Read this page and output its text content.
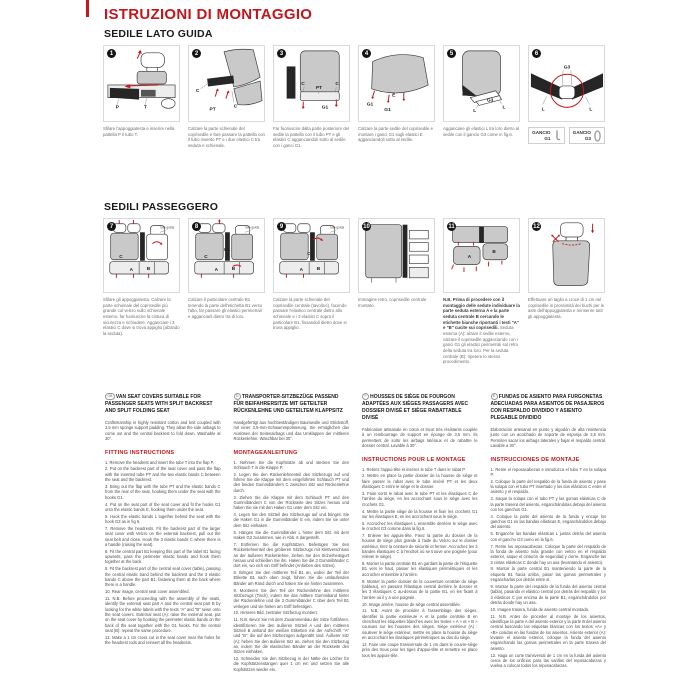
ISTRUZIONI DI MONTAGGIO
SEDILE LATO GUIDA
SEDILI PASSEGGERO
1
P	T
Sfilare l'appoggiatesta e inserire nella pattella P il tubo T.
2
C
PT
C
Calzare la parte schienale del coprisedile e fare passare la pattella con il tubo inserito PT e i due elastici C tra seduta e schienale.
3
C
PT
C
G1
Far fuoriuscire dalla parte posteriore del sedile la pattella con il tubo PT e gli elastici C agganciandoli sotto al sedile con i ganci G1.
4
E
G1
G1
Calzare la parte sedile del coprisedile e montare i ganci G1 sugli elastici E agganciandoli sotto al sedile.
5
G3
L
L
Agganciare gli elastici L tra loro dietro al sedile con il gancio G3 come in fig.6.
6
G3
L	L
GANCIO
G1
GANCIO
G3
7
C
A	B
lato guida
Sfilare gli appoggiatesta. Calzare la parte schienale del coprisedile più grande col velcro sullo schienale esterno, far fuoriuscire la cintura di sicurezza e richiudere. Agganciare i 3 elastici C dove si trova appiglio (alzando la seduta).
8
C
B1
A	B
lato guida
Calzare il particolare centrale B1 tenendo la parte dell'etichetta B1 verso l'alto, far passare gli elastici perimetrali e agganciarli dietro tra di loro.
9
C
A	B
lato guida
Calzare la parte schienale del coprisedile centrale (tavolino), facendo passare l'elastico centrale dietro allo schienale e i 3 elastici C sopra il particolare B1, fissandoli dietro dove si trova appiglio.
10
Immagine retro, coprisedile centrale montato.
11
A
B
N.B. Prima di procedere con il montaggio delle sedute individuare la parte seduta esterna A e la parte seduta centrale B cercando le etichette bianche riportanti i testi "A" e "B" cucite sui coprisedili. Seduta esterna (A): alzare il sedile esterno, calzare il coprisedile agganciando con i ganci G1 gli elastici perimetrali sul retro della seduta tra loro. Per la seduta centrale (B): ripetere lo stesso procedimento.
12
Effettuare un taglio a croce di 1 cm nel coprisedile in prossimità dei buchi per le aste dell'appoggiatesta e reinserire tutti gli appoggiatesta.
GB VAN SEAT COVERS SUITABLE FOR PASSENGER SEATS WITH SPLIT BACKREST AND SPLIT FOLDING SEAT

Craftsmanship in highly resistant cotton and knit coupled with 3.5 mm sponge support padding. They allow the side airbags to come out and the central backrest to fold down. Washable at 30°.

FITTING INSTRUCTIONS

1. Remove the headrest and insert the tube T into the flap P.

2. Put on the backrest part of the seat cover and pass the flap with the inserted tube PT and the two elastic bands C between the seat and the backrest.

3. Bring out the flap with the tube PT and the elastic bands C from the rear of the seat, hooking them under the seat with the hooks G1.

4. Put on the seat part of the seat cover and fit the hooks G1 onto the elastic bands E, hooking them under the seat.

5. Hook the elastic bands L together behind the seat with the hook G3 as in fig 6.

7. Remove the headrests. Fit the backrest part of the larger seat cover with Velcro on the external backrest, pull out the seat belt and close. Hook the 3 elastic bands C where there is a handle (raising the seat).

8. Fit the central part B1 keeping this part of the label B1 facing upwards, pass the perimeter elastic bands and hook them together at the back.

9. Fit the backrest part of the central seat cover (table), passing the central elastic band behind the backrest and the 3 elastic bands C above the part B1, fastening them at the back where there is a handle.

10. Rear image, central seat cover assembled.

11. N.B. Before proceeding with the assembly of the seats, identify the external seat part A and the central seat part B by looking for the white labels with the texts "A" and "B" sewn onto the seat covers. External seat (A): raise the external seat, put on the seat cover by hooking the perimeter elastic bands on the back of the seat together with the G1 hooks. For the central seat (B): repeat the same procedure.

12. Make a 1 cm cross cut in the seat cover near the holes for the headrest rods and reinsert all the headrests.

D TRANSPORTER-SITZBEZÜGE PASSEND FÜR BEIFAHRERSITZE MIT GETEILTER RÜCKENLEHNE UND GETEILTEM KLAPPSITZ

Handgefertigt aus hochbeständigen Baumwolle und Strickstoff, mit einer 3,5-mm-Schwammpolsterung. Sie ermöglichen das Auslösen der Seitenairbags und das Umklappen der mittleren Rückenlehne. Waschbar bei 30°.

MONTAGEANLEITUNG

1. Nehmen Sie die Kopfstütze ab und stecken Sie den Schlauch T in die Klappe P.

2. Legen Sie den Rückenlehnenteil des Sitzbezugs auf und führen Sie die Klappe mit dem eingeführten Schlauch PT und den beiden Gummibändern C zwischen Sitz und Rückenlehne durch.

3. Ziehen Sie die Klappe mit dem Schlauch PT und den Gummibändern C von der Rückseite des Sitzes heraus und haken Sie sie mit den Haken G1 unter dem Sitz ein.

4. Legen Sie den Sitzteil des Sitzbezugs auf und bringen Sie die Haken G1 in die Gummibänder E ein, indem Sie sie unter dem Sitz einhaken.

5. Hängen Sie die Gummibänder L hinter dem Sitz mit dem Haken G3 zusammen, wie in Abb. 6 dargestellt.

7. Entfernen Sie die Kopfstützen. Befestigen Sie den Rückenlehnenteil des größeren Sitzbezugs mit Klettverschluss an der äußeren Rückenlehne, ziehen Sie den Sicherheitsgurt heraus und schließen Sie ihn. Haken Sie die 3 Gummibänder C dort ein, wo sich ein Griff befindet (Anheben des Sitzes).

8. Bringen Sie den mittleren Teil B1 an, wobei der Teil der Etikette B1 nach oben zeigt, führen Sie die umlaufenden Bänder am Rand durch und haken Sie sie hinten zusammen.

9. Montieren Sie den Teil der Rückenlehne des mittleren Sitzbezugs (Tisch), indem Sie das mittlere Gummiband hinter der Rückenlehne und die 3 Gummibänder C über dem Teil B1 verlegen und sie hinten am Griff befestigen.

10. Hinteres Bild, zentraler Sitzbezug montiert.

11. N.B. Bevor Sie mit dem Zusammenbau der Sitze fortfahren, identifizieren Sie den äußeren Sitzteil A und den mittleren Sitzteil B anhand der weißen Etiketten mit der Aufschrift "A" und "B", die auf den Sitzbezügen aufgenäht sind. Äußerer Sitz (A): heben Sie den äußeren Sitz an, ziehen Sie den Sitzbezug an, indem Sie die elastischen Bänder an der Rückseite des Sitzes einhaken.

12. Schneiden Sie den Sitzbezug in der Nähe der Löcher für die Kopfstützenstangen quer 1 cm ein und setzen Sie alle Kopfstützen wieder ein.

F HOUSSES DE SIÈGE DE FOURGON ADAPTÉES AUX SIÈGES PASSAGERS AVEC DOSSIER DIVISÉ ET SIÈGE RABATTABLE DIVISÉ

Fabrication artisanale en coton et tricot très résistants couplée à un rembourrage de support en éponge de 3,5 mm. Ils permettent de sortir les airbags latéraux et de rabattre le dossier central. Lavable à 30°.

INSTRUCTIONS POUR LE MONTAGE

1. Retirez l'appui-tête et insérez le tube T dans le rabat P.

2. Mettre en place la partie dossier de la housse de siège et faire passer le rabat avec le tube inséré PT et les deux élastiques C entre le siège et le dossier.

3. Faire sortir le rabat avec le tube PT et les élastiques C de l'arrière du siège, en les accrochant sous le siège avec les crochets G1.

4. Mettre la partie siège de la housse et fixer les crochets G1 sur les élastiques E, en les accrochant sous le siège.

5. Accrochez les élastiques L ensemble derrière le siège avec le crochet G3 comme dans la fig.6.

7. Enlever les appuis-tête. Fixez la partie du dossier de la housse de siège plus grande à l'aide du Velcro sur le dossier extérieur, tirez la ceinture de sécurité et fermer. Accrochez les 3 bandes élastiques C à l'endroit où se trouve une poignée (pour relever le siège).

8. Monter la partie centrale B1 en gardant la partie de l'étiquette B1 vers le haut, passer les élastiques périmétriques et les accrocher ensemble à l'arrière.

9. Monter la partie dossier de la couverture centrale du siège (tableau), en passant l'élastique central derrière le dossier et les 3 élastiques C au-dessus de la partie B1, en les fixant à l'arrière où il y a une poignée.

10. Image arrière, housse de siège central assemblée.

11. N.B. Avant de procéder à l'assemblage des sièges, identifier la partie extérieure A et la partie centrale B en cherchant les étiquettes blanches avec les textes « A » et « B » cousues sur les housses des sièges. Siège extérieur (A) : soulever le siège extérieur, mettre en place la housse du siège en accrochant les élastiques périmétriques au dos du siège.

12. Faire une coupe transversale de 1 cm dans le couvre-siège près des trous pour les tiges d'appui-tête et remettre en place tous les appuis-tête.

E FUNDAS DE ASIENTO PARA FURGONETAS ADECUADAS PARA ASIENTOS DE PASAJEROS CON RESPALDO DIVIDIDO Y ASIENTO PLEGABLE DIVIDIDO

Elaboración artesanal en punto y algodón de alta resistencia junto con un acolchado de soporte de esponja de 3,5 mm. Permiten sacar los airbags laterales y bajar el respaldo central. Lavable a 30°.

INSTRUCCIONES DE MONTAJE

1. Retire el reposacabezas e introduzca el tubo T en la solapa P.

2. Coloque la parte del respaldo de la funda de asiento y pase la solapa con el tubo PT insertado y los dos elásticos C entre el asiento y el respaldo.

3. Saque la solapa con el tubo PT y las gomas elásticas C de la parte trasera del asiento, enganchándolas debajo del asiento con los ganchos G1.

4. Coloque la parte del asiento de la funda y encaje los ganchos G1 en las bandas elásticas E, enganchándolos debajo del asiento.

5. Enganche las bandas elásticas L juntas detrás del asiento con el gancho G3 como en la fig.6.

7. Retire los reposacabezas. Coloque la parte del respaldo de la funda de asiento más grande con velcro en el respaldo exterior, saque el cinturón de seguridad y cierre. Enganche las 3 cintas elásticas C donde hay un asa (levantando el asiento).

8. Montar la parte central B1 manteniendo la parte de la etiqueta B1 hacia arriba, pasar las gomas perimetrales y engancharlas por detrás entre sí.

9. Montar la parte del respaldo de la funda del asiento central (tabla), pasando el elástico central por detrás del respaldo y los 3 elásticos C por encima de la parte B1, enganchándolos por detrás donde hay un asa.

10. Imagen trasera, funda de asiento central montada.

11. N.B. Antes de proceder al montaje de los asientos, identifique la parte A del asiento exterior y la parte B del asiento central buscando las etiquetas blancas con los textos «A» y «B» cosidas en las fundas de los asientos. Asiento exterior (A): levante el asiento exterior, coloque la funda del asiento enganchando las gomas perimetrales en la parte trasera del asiento.

12. Haga un corte transversal de 1 cm en la funda del asiento cerca de los orificios para las varillas del reposacabezas y vuelva a colocar todos los reposacabezas.
